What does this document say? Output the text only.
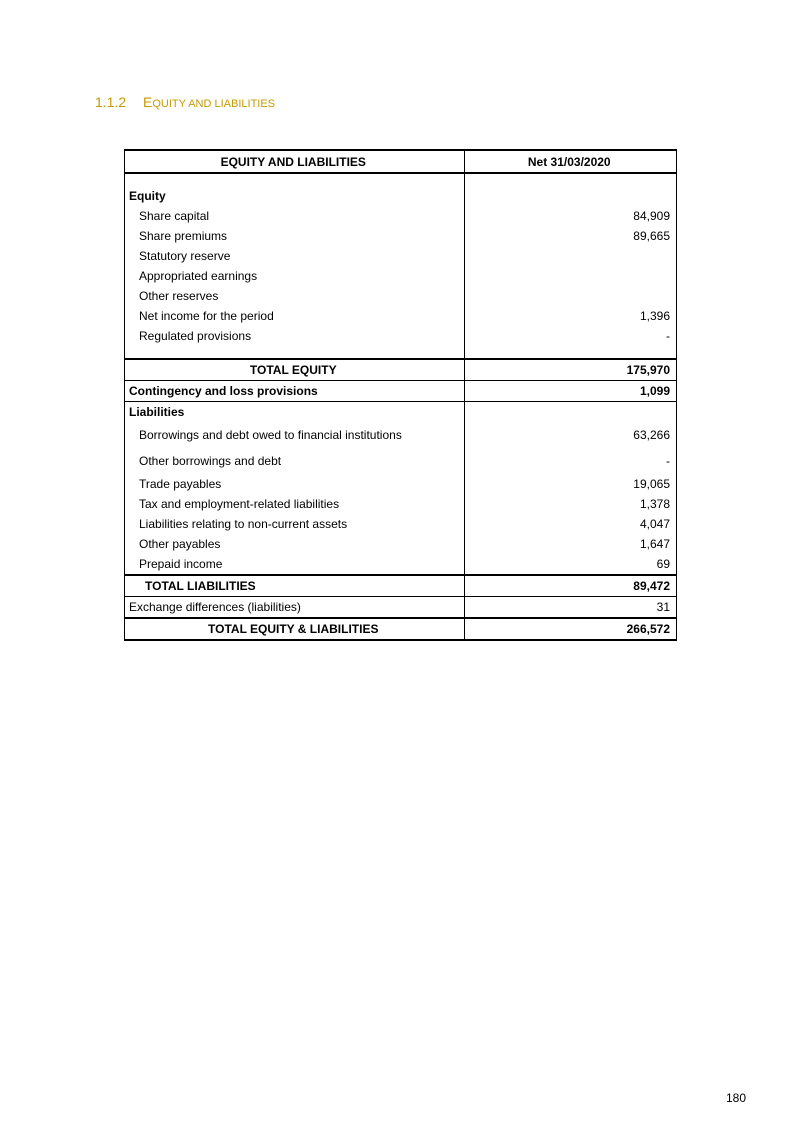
1.1.2 EQUITY AND LIABILITIES
EQUITY AND LIABILITIES	Net 31/03/2020

Equity	
Share capital	84,909
Share premiums	89,665
Statutory reserve	
Appropriated earnings	
Other reserves	
Net income for the period	1,396
Regulated provisions	-

TOTAL EQUITY	175,970
Contingency and loss provisions	1,099
Liabilities	
Borrowings and debt owed to financial institutions	63,266
Other borrowings and debt	-
Trade payables	19,065
Tax and employment-related liabilities	1,378
Liabilities relating to non-current assets	4,047
Other payables	1,647
Prepaid income	69
TOTAL LIABILITIES	89,472
Exchange differences (liabilities)	31
TOTAL EQUITY & LIABILITIES	266,572
180
